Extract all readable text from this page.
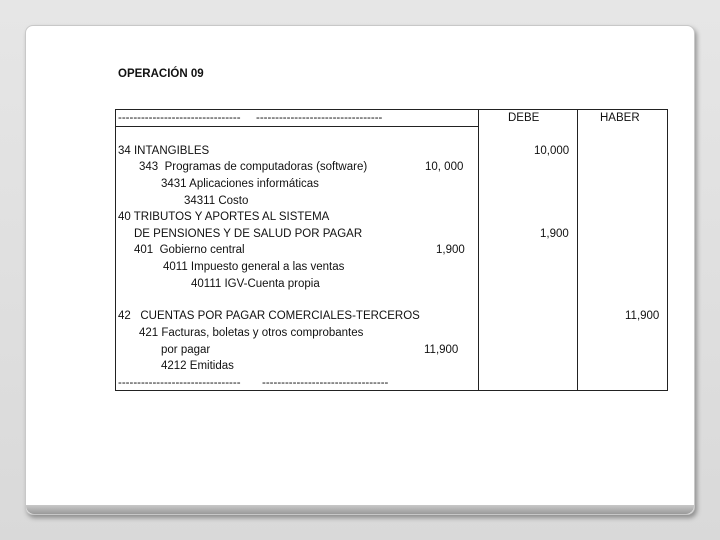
OPERACIÓN 09
-------------------------------- ---------------------------------	DEBE	HABER
34 INTANGIBLES
343  Programas de computadoras (software)
3431 Aplicaciones informáticas
34311 Costo
40 TRIBUTOS Y APORTES AL SISTEMA
DE PENSIONES Y DE SALUD POR PAGAR
401  Gobierno central
4011 Impuesto general a las ventas
40111 IGV-Cuenta propia
42   CUENTAS POR PAGAR COMERCIALES-TERCEROS
421 Facturas, boletas y otros comprobantes
por pagar
4212 Emitidas
10, 000
1,900
11,900
10,000
1,900
11,900
-------------------------------- ---------------------------------
